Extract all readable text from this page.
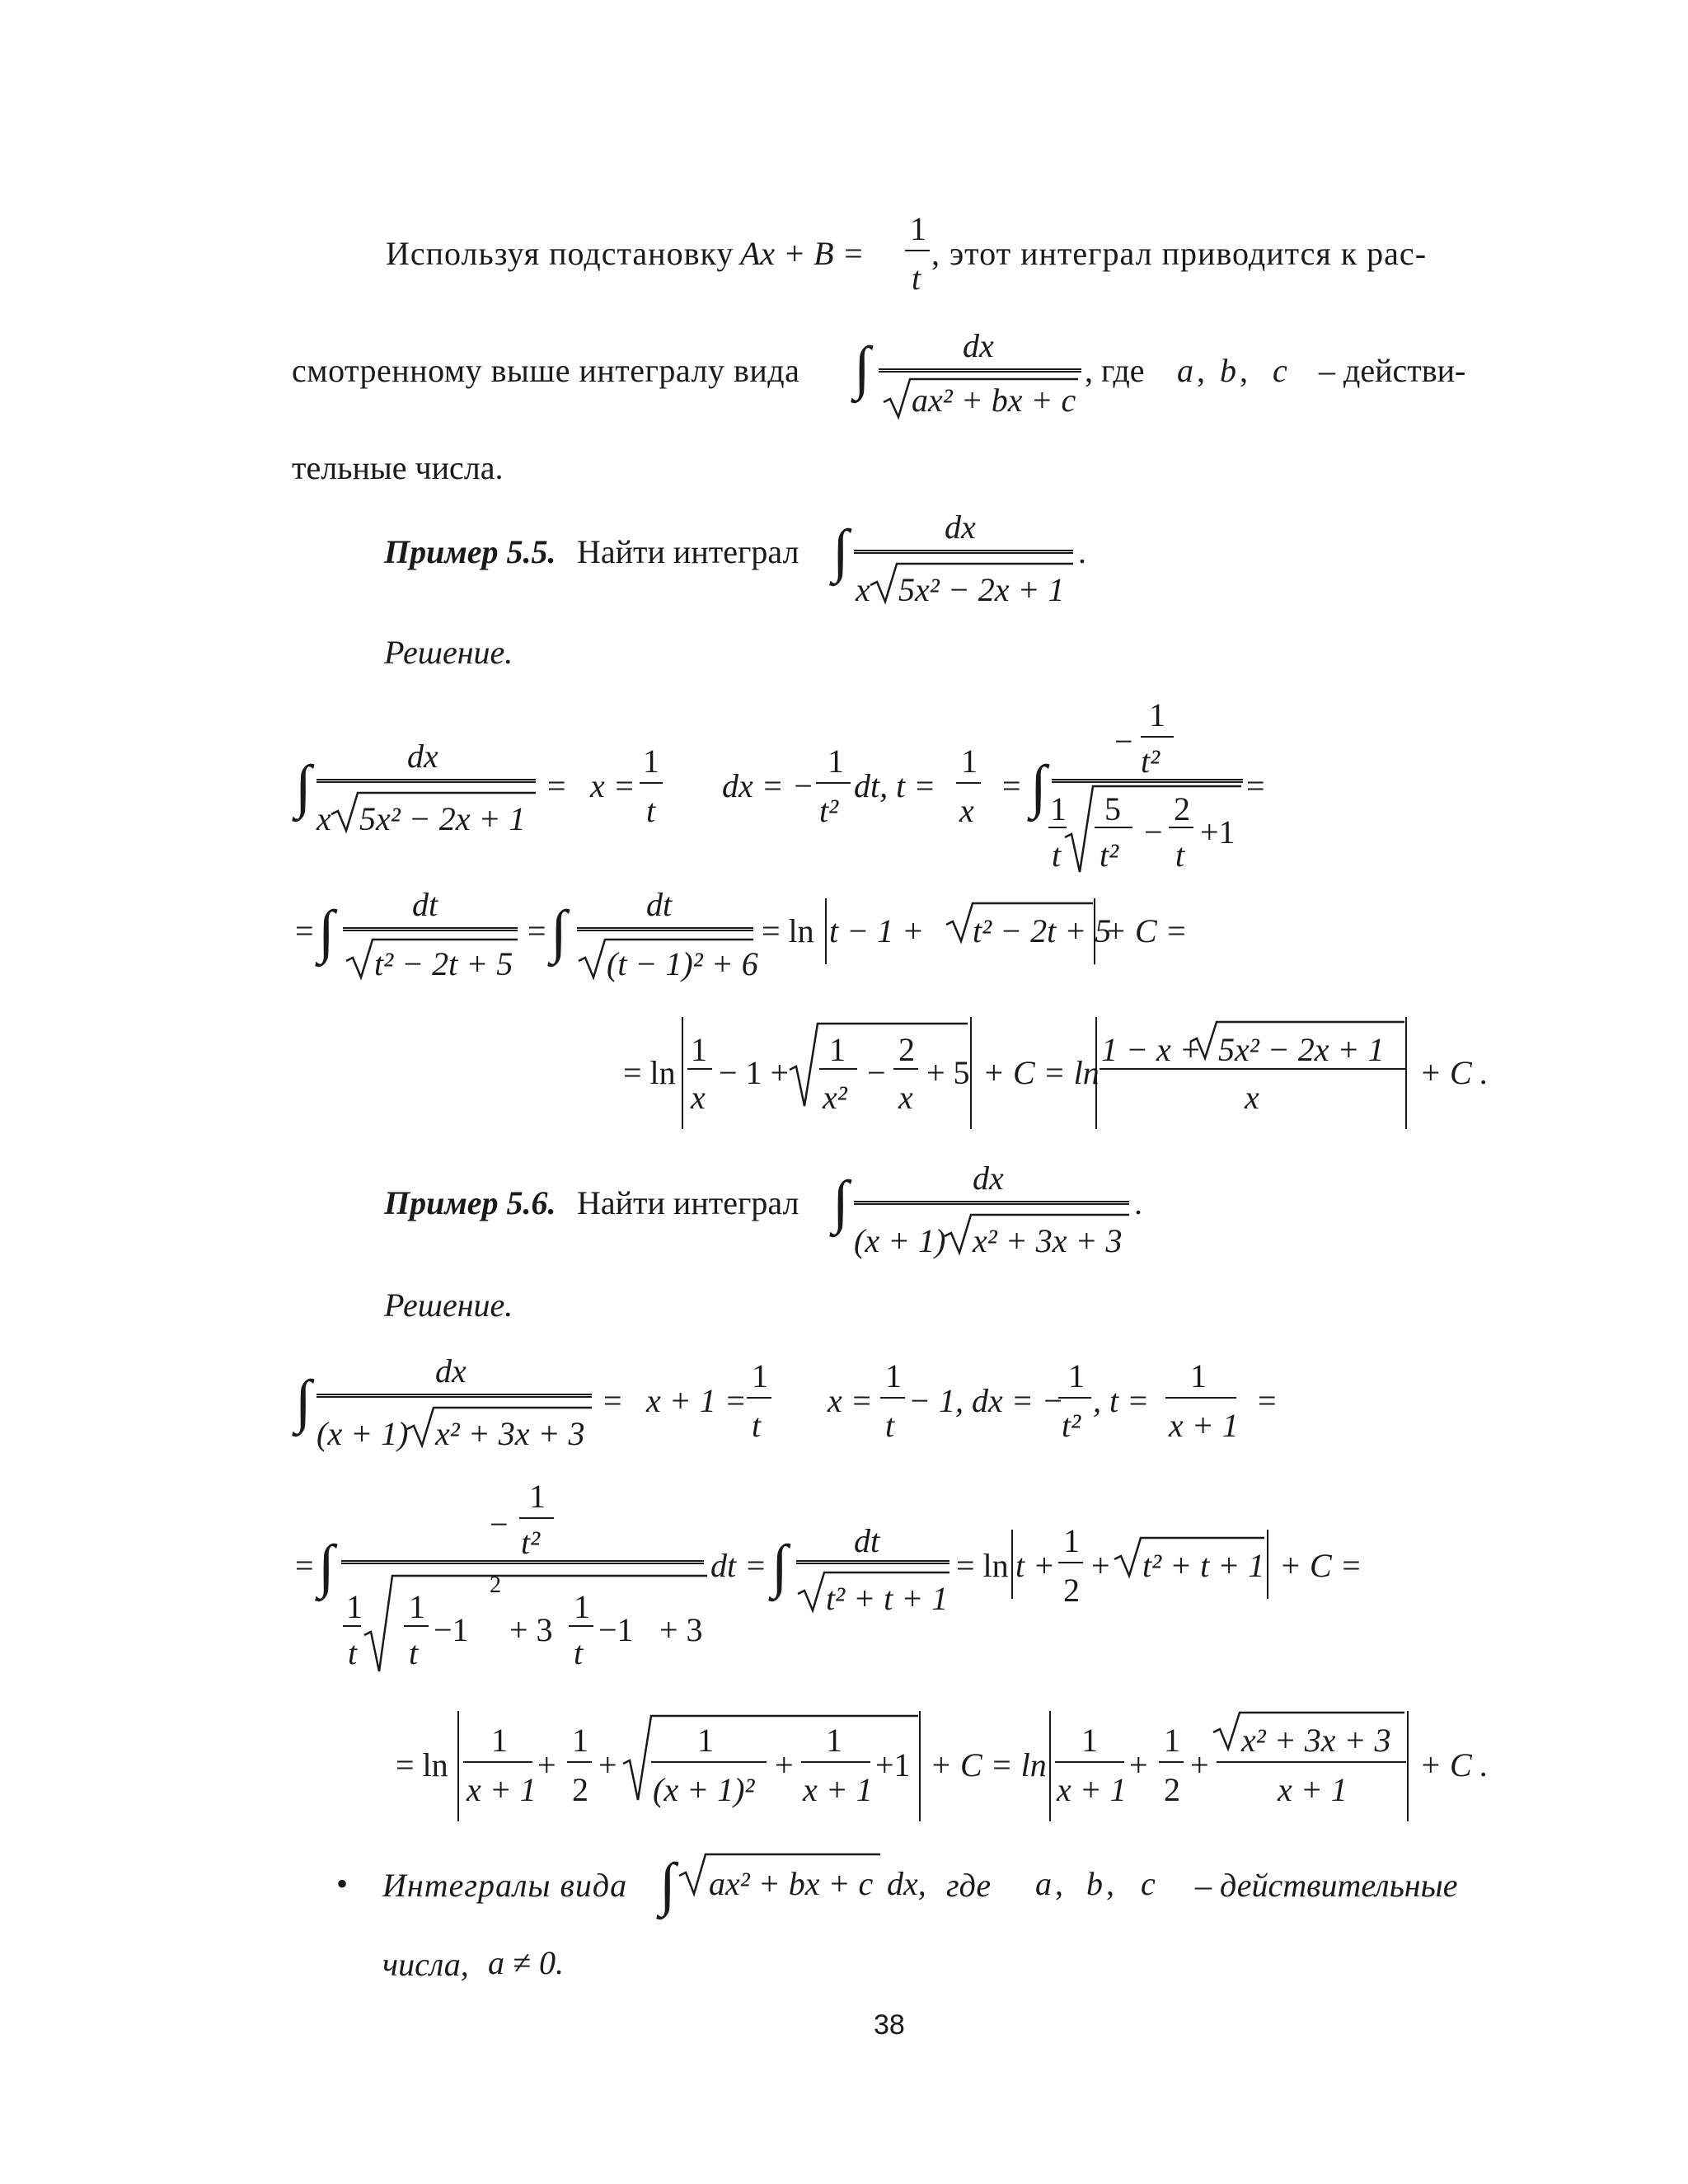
Используя подстановку Ax + B =
1
t
, этот интеграл приводится к рас-
смотренному выше интегралу вида ∫	dx
ax² + bx + c
, где a , b , c – действи-
тельные числа.
Пример 5.5. Найти интеграл ∫	dx
x 5x² − 2x + 1
.
Решение.
∫	dx
x 5x² − 2x + 1
= x =
1
t
dx = −
1
t²
dt, t =
1
x
= ∫
−
1
t²
1
t
5
t²
−
2
t
+1
=
= ∫ dt
t² − 2t + 5
= ∫ dt
(t − 1)² + 6
= ln t − 1 + t² − 2t + 5
+ C =
= ln
1
x
− 1 +
1
x²
−
2
x
+ 5 + C = ln
1 − x + 5x² − 2x + 1
x
+ C .
Пример 5.6. Найти интеграл ∫	dx
(x + 1) x² + 3x + 3
.
Решение.
∫	dx
(x + 1) x² + 3x + 3
= x + 1 =
1
t
x =
1
t
− 1, dx = −
1
t²
, t =
1
x + 1
=
= ∫
−
1
t²
1
t
1
t
−1
2
+ 3
1
t
−1 + 3
dt = ∫ dt
t² + t + 1
= ln t +
1
2
+ t² + t + 1 + C =
= ln
1
x + 1
+
1
2
+
1
(x + 1)²
+
1
x + 1
+1 + C = ln
1
x + 1
+
1
2
+
x² + 3x + 3
x + 1
+ C .
• Интегралы вида ∫ ax² + bx + c dx, где a , b , c – действительные
числа, a ≠ 0.
38
